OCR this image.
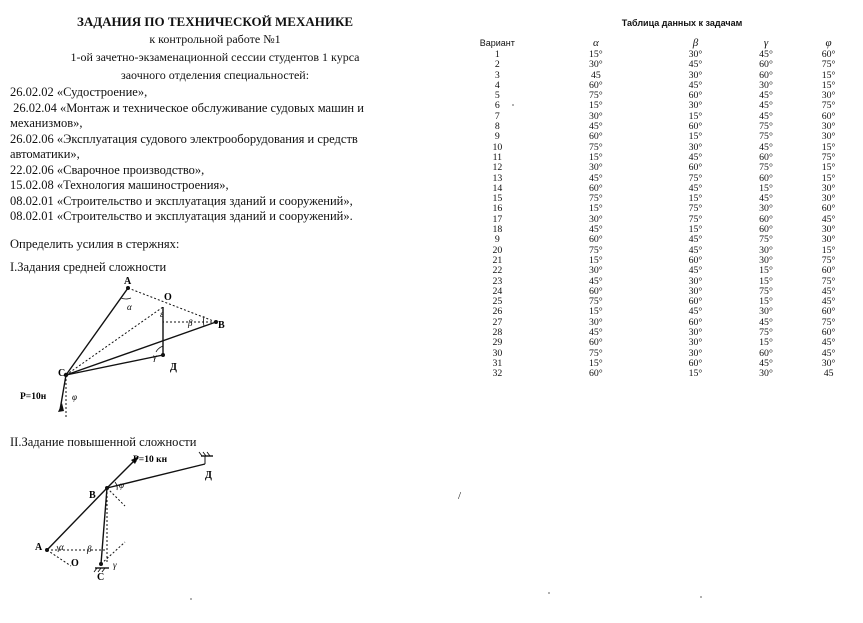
ЗАДАНИЯ ПО ТЕХНИЧЕСКОЙ МЕХАНИКЕ
к контрольной работе №1
1-ой зачетно-экзаменационной сессии студентов 1 курса
заочного отделения специальностей:
26.02.02 «Судостроение»,
26.02.04 «Монтаж и техническое обслуживание судовых машин и
механизмов»,
26.02.06 «Эксплуатация судового электрооборудования и средств
автоматики»,
22.02.06 «Сварочное производство»,
15.02.08 «Технология машиностроения»,
08.02.01 «Строительство и эксплуатация зданий и сооружений»,
08.02.01 «Строительство и эксплуатация зданий и сооружений».
Определить усилия в стержнях:
I.Задания средней сложности
A
O
B
C
Д
α
β
γ
ε
φ
P=10н
II.Задание повышенной сложности
B
A
O
C
Д
α	β
γ
φ
P=10 кн
Таблица данных к задачам
Вариант	α	β	γ	φ
1	15°	30°	45°	60°
2	30°	45°	60°	75°
3	45	30°	60°	15°
4	60°	45°	30°	15°
5	75°	60°	45°	30°
6	15°	30°	45°	75°
7	30°	15°	45°	60°
8	45°	60°	75°	30°
9	60°	15°	75°	30°
10	75°	30°	45°	15°
11	15°	45°	60°	75°
12	30°	60°	75°	15°
13	45°	75°	60°	15°
14	60°	45°	15°	30°
15	75°	15°	45°	30°
16	15°	75°	30°	60°
17	30°	75°	60°	45°
18	45°	15°	60°	30°
9	60°	45°	75°	30°
20	75°	45°	30°	15°
21	15°	60°	30°	75°
22	30°	45°	15°	60°
23	45°	30°	15°	75°
24	60°	30°	75°	45°
25	75°	60°	15°	45°
26	15°	45°	30°	60°
27	30°	60°	45°	75°
28	45°	30°	75°	60°
29	60°	30°	15°	45°
30	75°	30°	60°	45°
31	15°	60°	45°	30°
32	60°	15°	30°	45
/
